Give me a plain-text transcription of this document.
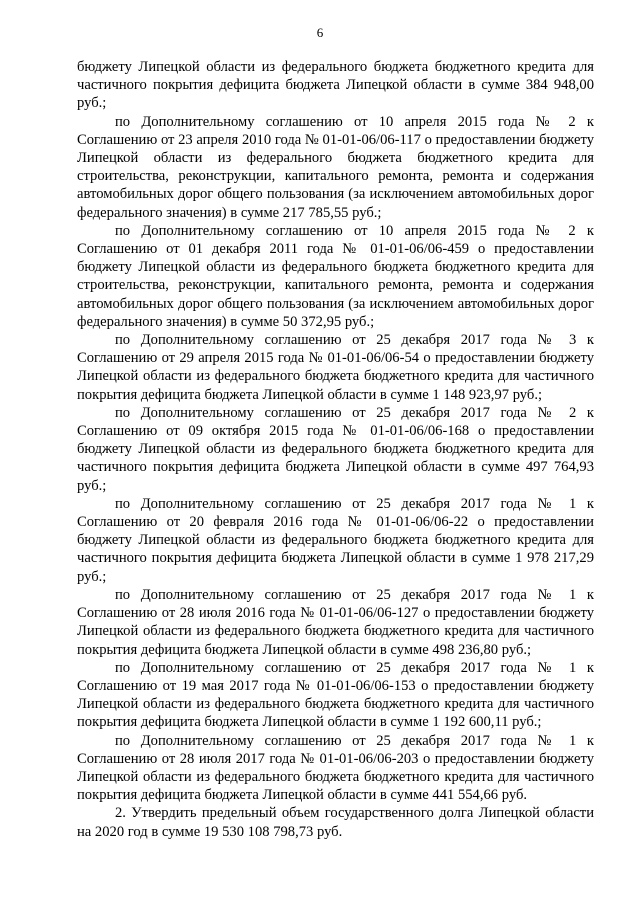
6

бюджету Липецкой области из федерального бюджета бюджетного кредита для частичного покрытия дефицита бюджета Липецкой области в сумме 384 948,00 руб.;

по Дополнительному соглашению от 10 апреля 2015 года № 2 к Соглашению от 23 апреля 2010 года № 01-01-06/06-117 о предоставлении бюджету Липецкой области из федерального бюджета бюджетного кредита для строительства, реконструкции, капитального ремонта, ремонта и содержания автомобильных дорог общего пользования (за исключением автомобильных дорог федерального значения) в сумме 217 785,55 руб.;

по Дополнительному соглашению от 10 апреля 2015 года № 2 к Соглашению от 01 декабря 2011 года № 01-01-06/06-459 о предоставлении бюджету Липецкой области из федерального бюджета бюджетного кредита для строительства, реконструкции, капитального ремонта, ремонта и содержания автомобильных дорог общего пользования (за исключением автомобильных дорог федерального значения) в сумме 50 372,95 руб.;

по Дополнительному соглашению от 25 декабря 2017 года № 3 к Соглашению от 29 апреля 2015 года № 01-01-06/06-54 о предоставлении бюджету Липецкой области из федерального бюджета бюджетного кредита для частичного покрытия дефицита бюджета Липецкой области в сумме 1 148 923,97 руб.;

по Дополнительному соглашению от 25 декабря 2017 года № 2 к Соглашению от 09 октября 2015 года № 01-01-06/06-168 о предоставлении бюджету Липецкой области из федерального бюджета бюджетного кредита для частичного покрытия дефицита бюджета Липецкой области в сумме 497 764,93 руб.;

по Дополнительному соглашению от 25 декабря 2017 года № 1 к Соглашению от 20 февраля 2016 года № 01-01-06/06-22 о предоставлении бюджету Липецкой области из федерального бюджета бюджетного кредита для частичного покрытия дефицита бюджета Липецкой области в сумме 1 978 217,29 руб.;

по Дополнительному соглашению от 25 декабря 2017 года № 1 к Соглашению от 28 июля 2016 года № 01-01-06/06-127 о предоставлении бюджету Липецкой области из федерального бюджета бюджетного кредита для частичного покрытия дефицита бюджета Липецкой области в сумме 498 236,80 руб.;

по Дополнительному соглашению от 25 декабря 2017 года № 1 к Соглашению от 19 мая 2017 года № 01-01-06/06-153 о предоставлении бюджету Липецкой области из федерального бюджета бюджетного кредита для частичного покрытия дефицита бюджета Липецкой области в сумме 1 192 600,11 руб.;

по Дополнительному соглашению от 25 декабря 2017 года № 1 к Соглашению от 28 июля 2017 года № 01-01-06/06-203 о предоставлении бюджету Липецкой области из федерального бюджета бюджетного кредита для частичного покрытия дефицита бюджета Липецкой области в сумме 441 554,66 руб.

2. Утвердить предельный объем государственного долга Липецкой области на 2020 год в сумме 19 530 108 798,73 руб.
